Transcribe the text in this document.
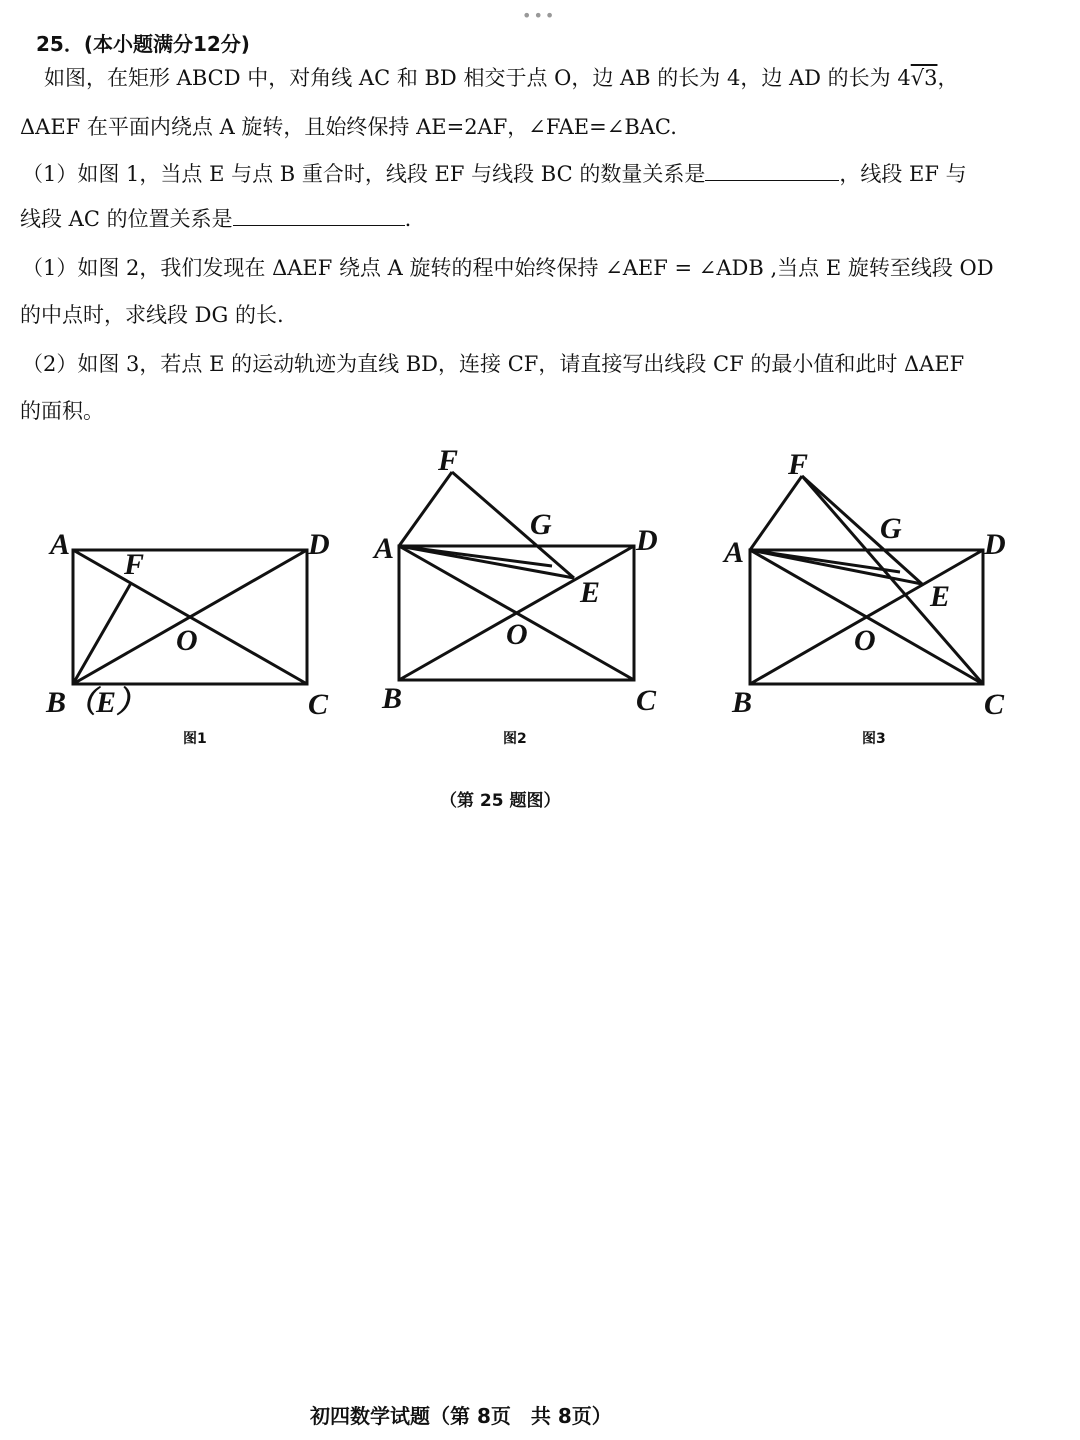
•••
25．(本小题满分12分)
如图，在矩形 ABCD 中，对角线 AC 和 BD 相交于点 O，边 AB 的长为 4，边 AD 的长为 4√3，
ΔAEF 在平面内绕点 A 旋转，且始终保持 AE=2AF，∠FAE=∠BAC.
（1）如图 1，当点 E 与点 B 重合时，线段 EF 与线段 BC 的数量关系是	，线段 EF 与
线段 AC 的位置关系是	.
（1）如图 2，我们发现在 ΔAEF 绕点 A 旋转的程中始终保持 ∠AEF = ∠ADB ,当点 E 旋转至线段 OD
的中点时，求线段 DG 的长.
（2）如图 3，若点 E 的运动轨迹为直线 BD，连接 CF，请直接写出线段 CF 的最小值和此时 ΔAEF
的面积。
A	D
F
O
B（E）	C
图1
F
G
A	D
E
O
B	C
图2
F
G
A	D
E
O
B	C
图3
（第 25 题图）
初四数学试题（第 8页　共 8页）
